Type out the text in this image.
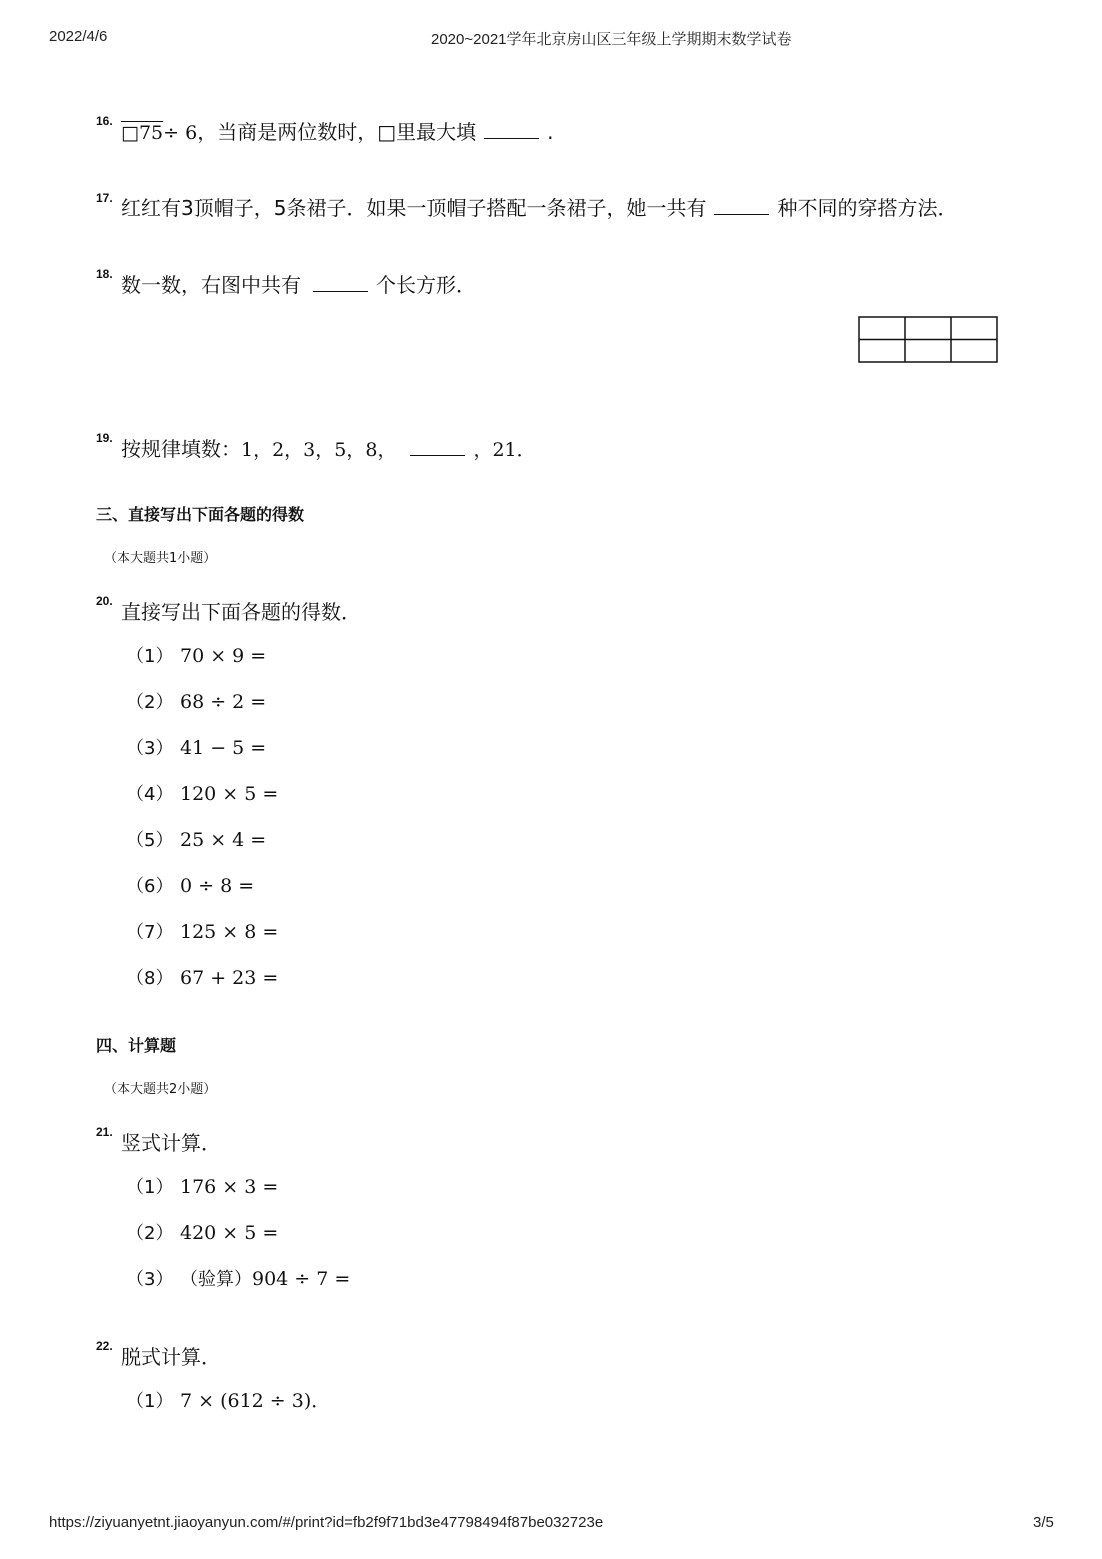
2022/4/6	2020~2021学年北京房山区三年级上学期期末数学试卷
16.
□75 ÷ 6 ，当商是两位数时，□里最大填	.
17. 红红有3顶帽子，5条裙子．如果一顶帽子搭配一条裙子，她一共有	种不同的穿搭方法．
18. 数一数，右图中共有	个长方形．
19. 按规律填数： 1，2，3，5，8，	，21．
三、直接写出下面各题的得数
（本大题共1小题）
20. 直接写出下面各题的得数．
（1） 70 × 9 =
（2） 68 ÷ 2 =
（3） 41 − 5 =
（4） 120 × 5 =
（5） 25 × 4 =
（6） 0 ÷ 8 =
（7） 125 × 8 =
（8） 67 + 23 =
四、计算题
（本大题共2小题）
21. 竖式计算．
（1） 176 × 3 =
（2） 420 × 5 =
（3） （验算） 904 ÷ 7 =
22. 脱式计算．
（1） 7 × (612 ÷ 3)．
https://ziyuanyetnt.jiaoyanyun.com/#/print?id=fb2f9f71bd3e47798494f87be032723e	3/5
